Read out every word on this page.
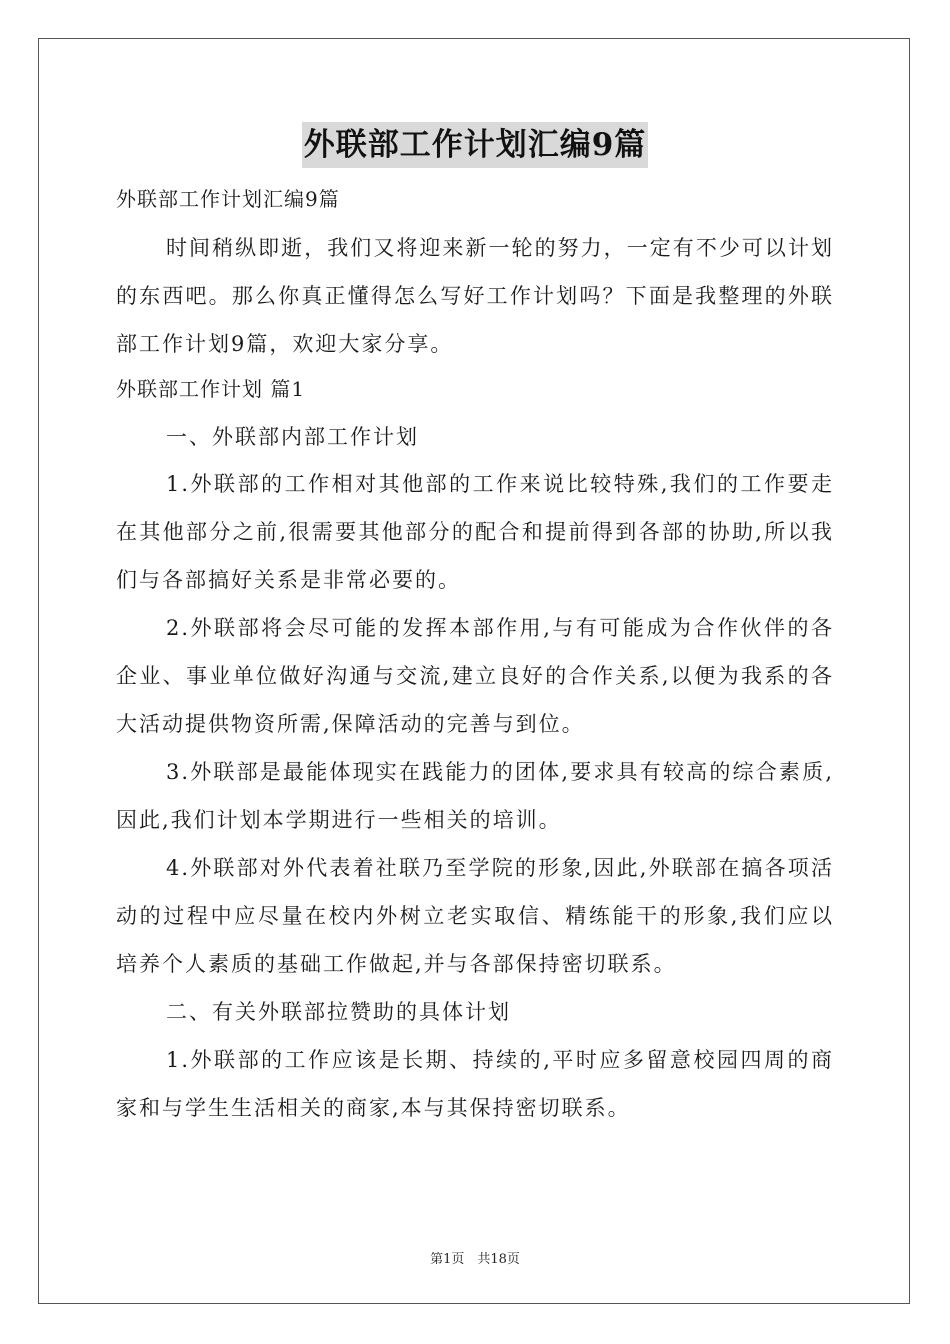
外联部工作计划汇编9篇

外联部工作计划汇编9篇

时间稍纵即逝，我们又将迎来新一轮的努力，一定有不少可以计划的东西吧。那么你真正懂得怎么写好工作计划吗？下面是我整理的外联部工作计划9篇，欢迎大家分享。

外联部工作计划 篇1

一、外联部内部工作计划

1.外联部的工作相对其他部的工作来说比较特殊,我们的工作要走在其他部分之前,很需要其他部分的配合和提前得到各部的协助,所以我们与各部搞好关系是非常必要的。

2.外联部将会尽可能的发挥本部作用,与有可能成为合作伙伴的各企业、事业单位做好沟通与交流,建立良好的合作关系,以便为我系的各大活动提供物资所需,保障活动的完善与到位。

3.外联部是最能体现实在践能力的团体,要求具有较高的综合素质,因此,我们计划本学期进行一些相关的培训。

4.外联部对外代表着社联乃至学院的形象,因此,外联部在搞各项活动的过程中应尽量在校内外树立老实取信、精练能干的形象,我们应以培养个人素质的基础工作做起,并与各部保持密切联系。

二、有关外联部拉赞助的具体计划

1.外联部的工作应该是长期、持续的,平时应多留意校园四周的商家和与学生生活相关的商家,本与其保持密切联系。

第1页　共18页
